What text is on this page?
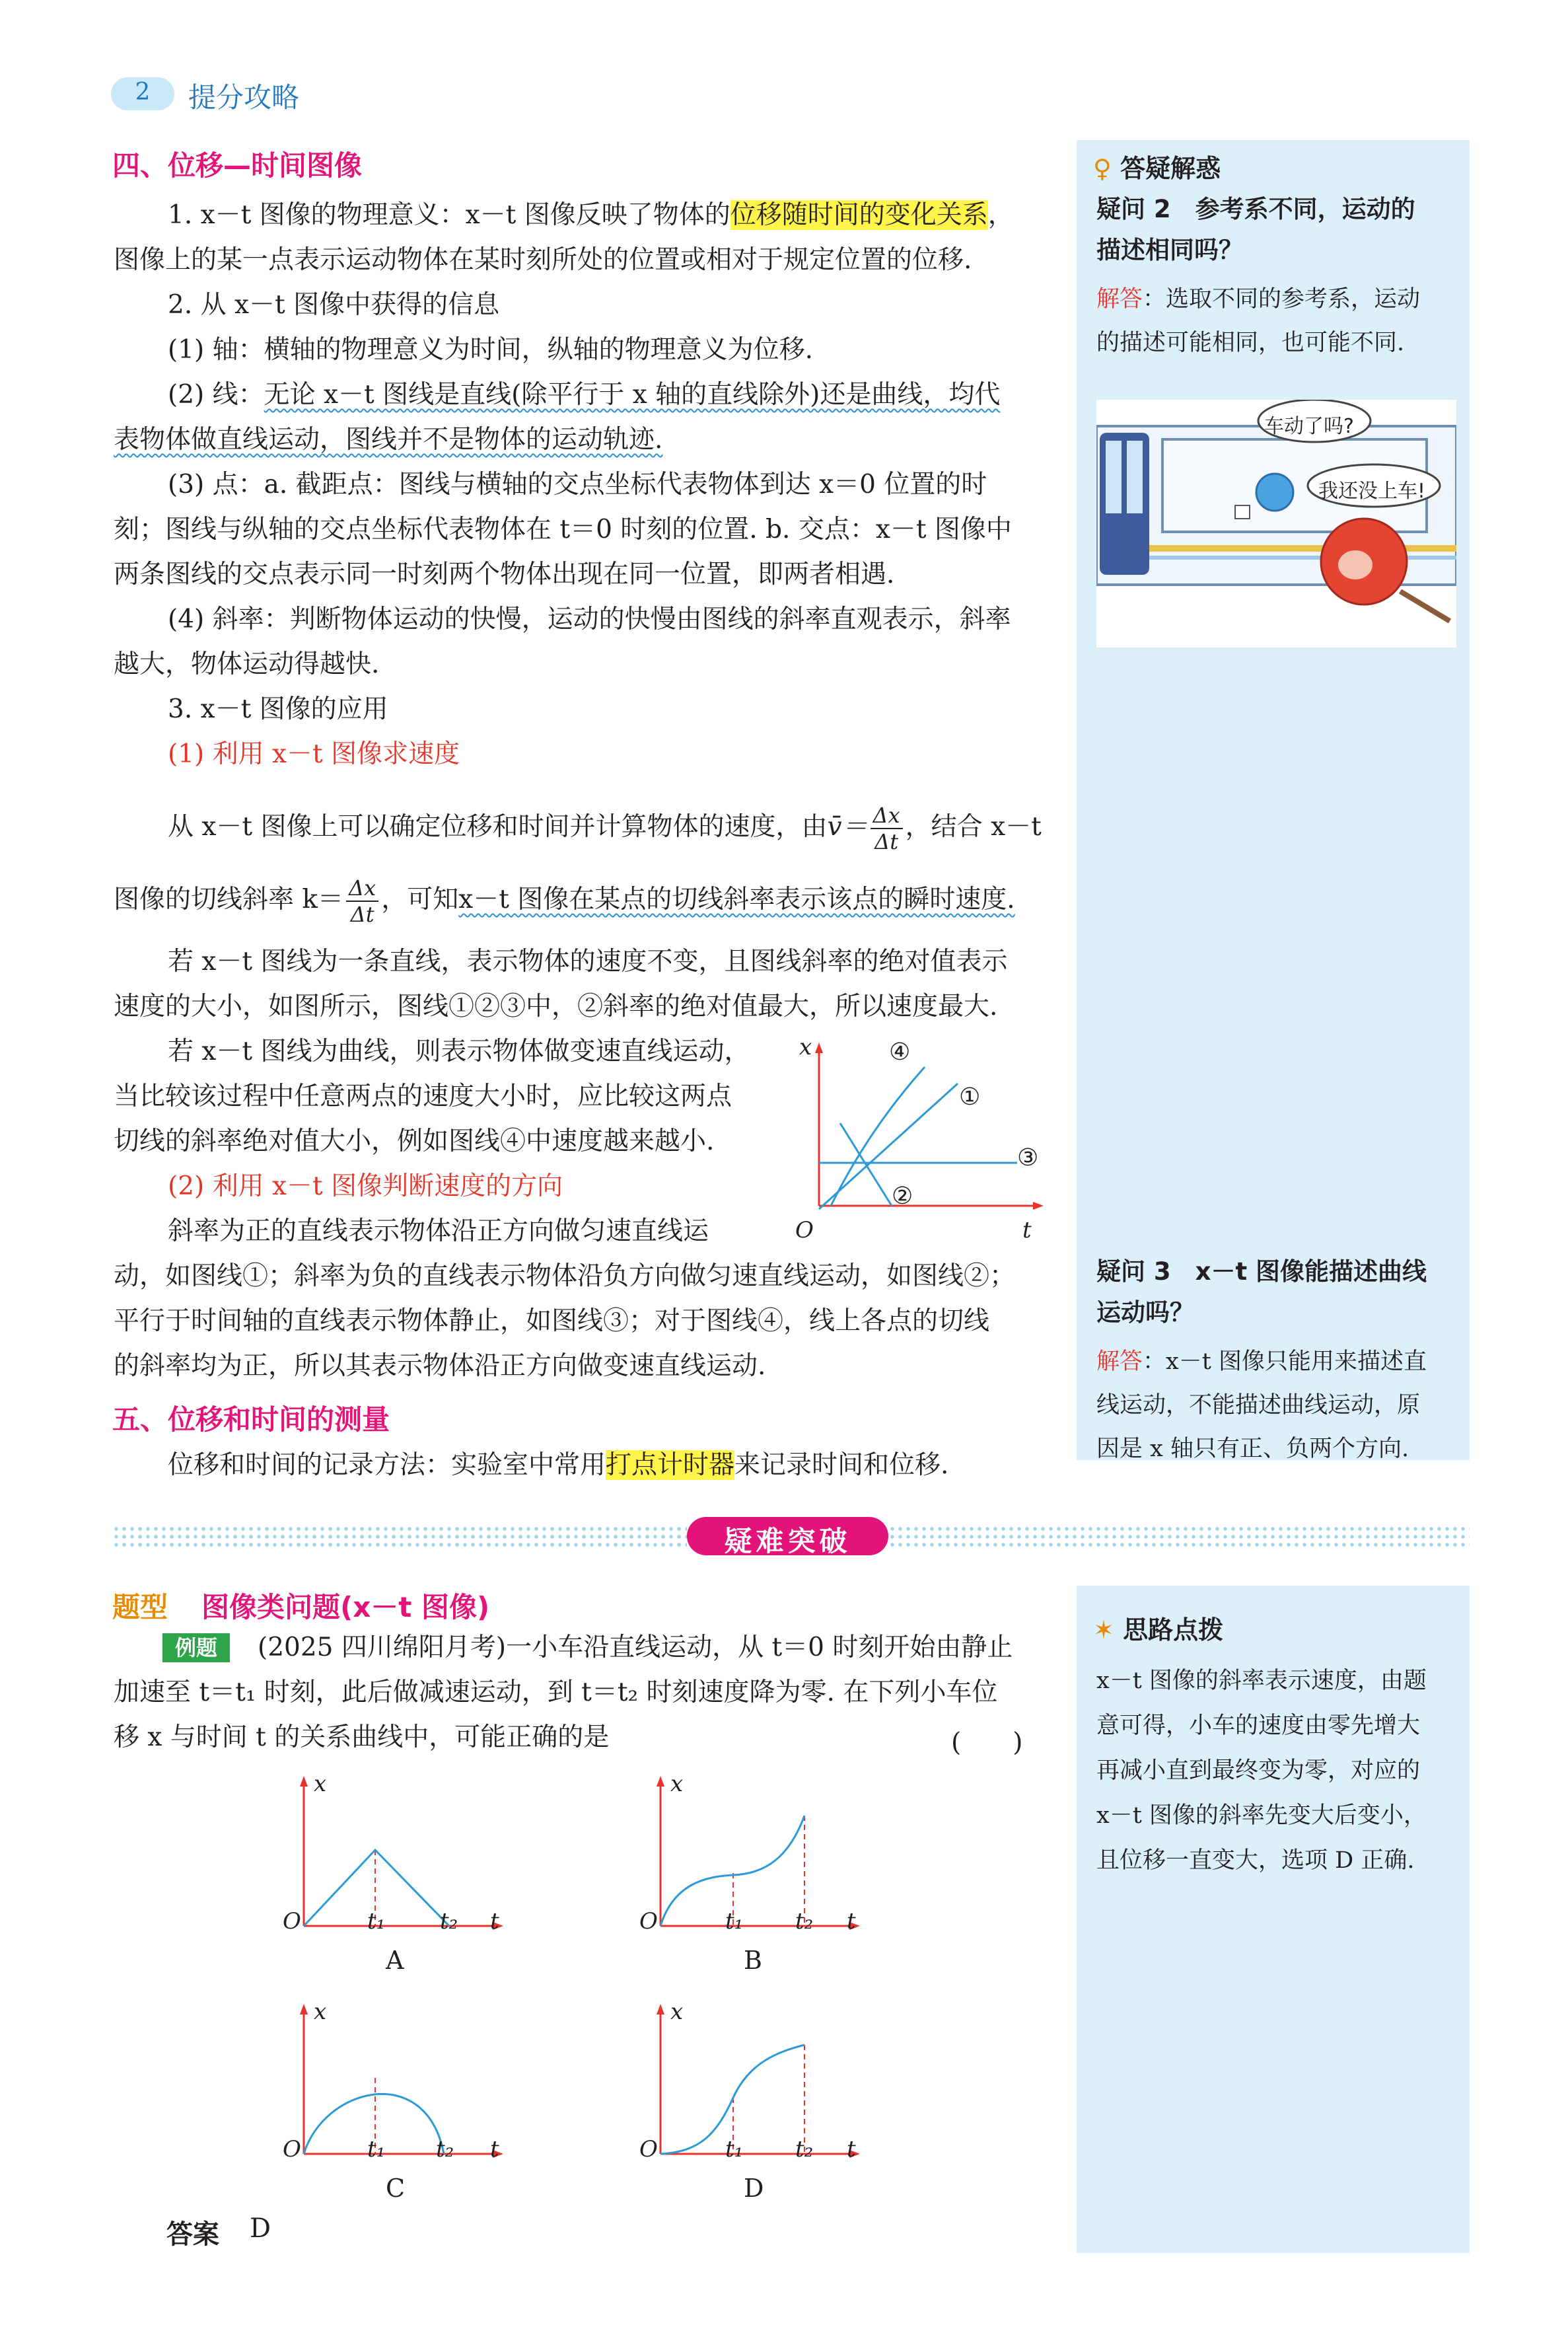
2	提分攻略
四、位移—时间图像
1. x－t 图像的物理意义：x－t 图像反映了物体的位移随时间的变化关系，
图像上的某一点表示运动物体在某时刻所处的位置或相对于规定位置的位移.
2. 从 x－t 图像中获得的信息
(1) 轴：横轴的物理意义为时间，纵轴的物理意义为位移.
(2) 线：无论 x－t 图线是直线(除平行于 x 轴的直线除外)还是曲线，均代
表物体做直线运动，图线并不是物体的运动轨迹.
(3) 点：a. 截距点：图线与横轴的交点坐标代表物体到达 x＝0 位置的时
刻；图线与纵轴的交点坐标代表物体在 t＝0 时刻的位置. b. 交点：x－t 图像中
两条图线的交点表示同一时刻两个物体出现在同一位置，即两者相遇.
(4) 斜率：判断物体运动的快慢，运动的快慢由图线的斜率直观表示，斜率
越大，物体运动得越快.
3. x－t 图像的应用
(1) 利用 x－t 图像求速度
从 x－t 图像上可以确定位移和时间并计算物体的速度，由v̄＝ $\frac{\Delta x}{\Delta t}$ ，结合 x－t
图像的切线斜率 $k= \frac{\Delta x}{\Delta t}$ ，可知x－t 图像在某点的切线斜率表示该点的瞬时速度.
若 x－t 图线为一条直线，表示物体的速度不变，且图线斜率的绝对值表示
速度的大小，如图所示，图线①②③中，②斜率的绝对值最大，所以速度最大.
若 x－t 图线为曲线，则表示物体做变速直线运动，
当比较该过程中任意两点的速度大小时，应比较这两点
切线的斜率绝对值大小，例如图线④中速度越来越小.
(2) 利用 x－t 图像判断速度的方向
斜率为正的直线表示物体沿正方向做匀速直线运
动，如图线①；斜率为负的直线表示物体沿负方向做匀速直线运动，如图线②；
平行于时间轴的直线表示物体静止，如图线③；对于图线④，线上各点的切线
的斜率均为正，所以其表示物体沿正方向做变速直线运动.
x
t
O
④
①
③
②
五、位移和时间的测量
位移和时间的记录方法：实验室中常用打点计时器来记录时间和位移.
疑难突破
题型 图像类问题(x－t 图像)
例题	(2025 四川绵阳月考)一小车沿直线运动，从 t＝0 时刻开始由静止
加速至 t＝t₁ 时刻，此后做减速运动，到 t＝t₂ 时刻速度降为零. 在下列小车位
移 x 与时间 t 的关系曲线中，可能正确的是	(　　)
x
t
O	t₁ t₂
A
x
t
O	t₁ t₂
B
x
t
O	t₁ t₂
C
x
t
O	t₁ t₂
D
答案 D
♀ 答疑解惑
疑问 2　参考系不同，运动的
描述相同吗？
解答：选取不同的参考系，运动
的描述可能相同，也可能不同.
车动了吗?
我还没上车!
疑问 3　x－t 图像能描述曲线
运动吗？
解答：x－t 图像只能用来描述直
线运动，不能描述曲线运动，原
因是 x 轴只有正、负两个方向.
✶ 思路点拨
x－t 图像的斜率表示速度，由题
意可得，小车的速度由零先增大
再减小直到最终变为零，对应的
x－t 图像的斜率先变大后变小，
且位移一直变大，选项 D 正确.
